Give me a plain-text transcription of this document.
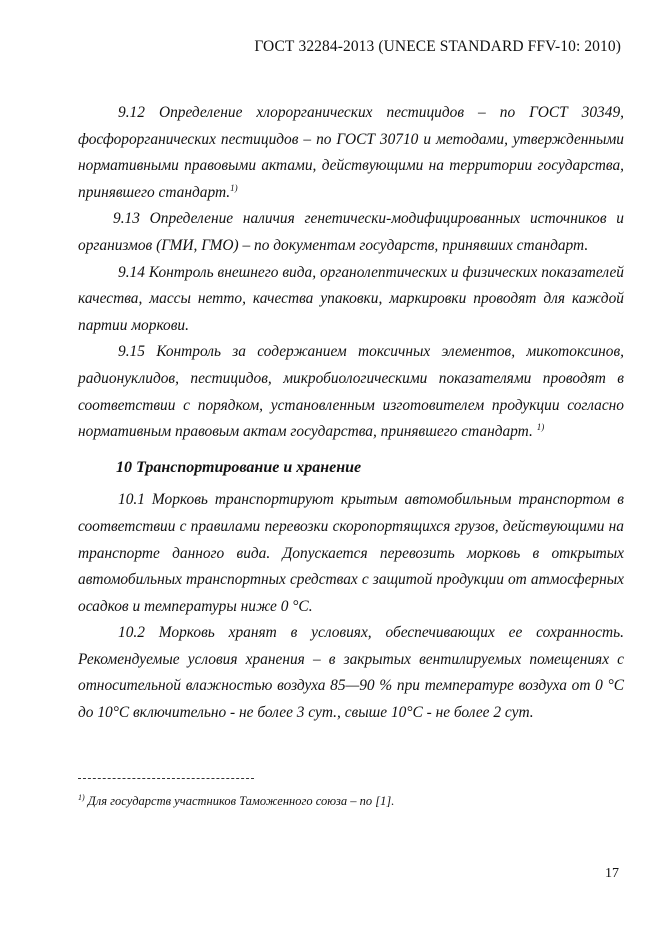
ГОСТ 32284-2013 (UNECE STANDARD FFV-10: 2010)

9.12 Определение хлорорганических пестицидов – по ГОСТ 30349, фосфорорганических пестицидов – по ГОСТ 30710 и методами, утвержденными нормативными правовыми актами, действующими на территории государства, принявшего стандарт.$^{1)}$

9.13 Определение наличия генетически-модифицированных источников и организмов (ГМИ, ГМО) – по документам государств, принявших стандарт.

9.14 Контроль внешнего вида, органолептических и физических показателей качества, массы нетто, качества упаковки, маркировки проводят для каждой партии моркови.

9.15 Контроль за содержанием токсичных элементов, микотоксинов, радионуклидов, пестицидов, микробиологическими показателями проводят в соответствии с порядком, установленным изготовителем продукции согласно нормативным правовым актам государства, принявшего стандарт. $^{1)}$

10 Транспортирование и хранение

10.1 Морковь транспортируют крытым автомобильным транспортом в соответствии с правилами перевозки скоропортящихся грузов, действующими на транспорте данного вида. Допускается перевозить морковь в открытых автомобильных транспортных средствах с защитой продукции от атмосферных осадков и температуры ниже 0 °С.

10.2 Морковь хранят в условиях, обеспечивающих ее сохранность. Рекомендуемые условия хранения – в закрытых вентилируемых помещениях с относительной влажностью воздуха 85—90 % при температуре воздуха от 0 °С до 10°С включительно - не более 3 сут., свыше 10°С - не более 2 сут.

$^{1)}$ Для государств участников Таможенного союза – по [1].
17
